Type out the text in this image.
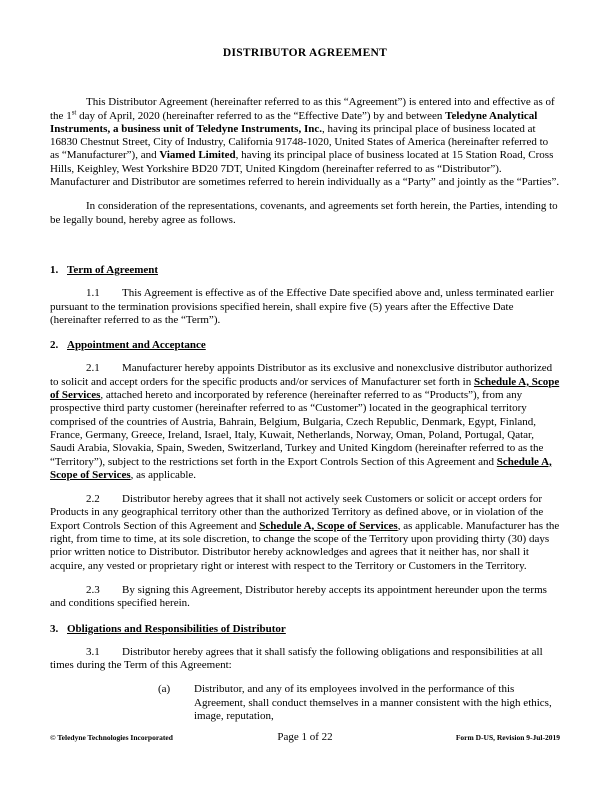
DISTRIBUTOR AGREEMENT

This Distributor Agreement (hereinafter referred to as this “Agreement”) is entered into and effective as of the 1st day of April, 2020 (hereinafter referred to as the “Effective Date”) by and between Teledyne Analytical Instruments, a business unit of Teledyne Instruments, Inc., having its principal place of business located at 16830 Chestnut Street, City of Industry, California 91748-1020, United States of America (hereinafter referred to as “Manufacturer”), and Viamed Limited, having its principal place of business located at 15 Station Road, Cross Hills, Keighley, West Yorkshire BD20 7DT, United Kingdom (hereinafter referred to as “Distributor”). Manufacturer and Distributor are sometimes referred to herein individually as a “Party” and jointly as the “Parties”.

In consideration of the representations, covenants, and agreements set forth herein, the Parties, intending to be legally bound, hereby agree as follows.

1. Term of Agreement

1.1 This Agreement is effective as of the Effective Date specified above and, unless terminated earlier pursuant to the termination provisions specified herein, shall expire five (5) years after the Effective Date (hereinafter referred to as the “Term”).

2. Appointment and Acceptance

2.1 Manufacturer hereby appoints Distributor as its exclusive and nonexclusive distributor authorized to solicit and accept orders for the specific products and/or services of Manufacturer set forth in Schedule A, Scope of Services, attached hereto and incorporated by reference (hereinafter referred to as “Products”), from any prospective third party customer (hereinafter referred to as “Customer”) located in the geographical territory comprised of the countries of Austria, Bahrain, Belgium, Bulgaria, Czech Republic, Denmark, Egypt, Finland, France, Germany, Greece, Ireland, Israel, Italy, Kuwait, Netherlands, Norway, Oman, Poland, Portugal, Qatar, Saudi Arabia, Slovakia, Spain, Sweden, Switzerland, Turkey and United Kingdom (hereinafter referred to as the “Territory”), subject to the restrictions set forth in the Export Controls Section of this Agreement and Schedule A, Scope of Services, as applicable.

2.2 Distributor hereby agrees that it shall not actively seek Customers or solicit or accept orders for Products in any geographical territory other than the authorized Territory as defined above, or in violation of the Export Controls Section of this Agreement and Schedule A, Scope of Services, as applicable. Manufacturer has the right, from time to time, at its sole discretion, to change the scope of the Territory upon providing thirty (30) days prior written notice to Distributor. Distributor hereby acknowledges and agrees that it neither has, nor shall it acquire, any vested or proprietary right or interest with respect to the Territory or Customers in the Territory.

2.3 By signing this Agreement, Distributor hereby accepts its appointment hereunder upon the terms and conditions specified herein.

3. Obligations and Responsibilities of Distributor

3.1 Distributor hereby agrees that it shall satisfy the following obligations and responsibilities at all times during the Term of this Agreement:

(a) Distributor, and any of its employees involved in the performance of this Agreement, shall conduct themselves in a manner consistent with the high ethics, image, reputation,
© Teledyne Technologies Incorporated	Page 1 of 22	Form D-US, Revision 9-Jul-2019
